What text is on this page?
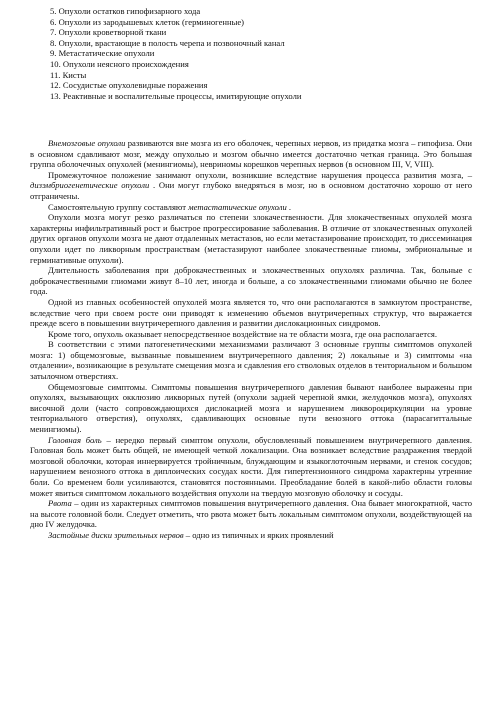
5. Опухоли остатков гипофизарного хода
6. Опухоли из зародышевых клеток (герминогенные)
7. Опухоли кроветворной ткани
8. Опухоли, врастающие в полость черепа и позвоночный канал
9. Метастатические опухоли
10. Опухоли неясного происхождения
11. Кисты
12. Сосудистые опухолевидные поражения
13. Реактивные и воспалительные процессы, имитирующие опухоли

Внемозговые опухоли развиваются вне мозга из его оболочек, черепных нервов, из придатка мозга – гипофиза. Они в основном сдавливают мозг, между опухолью и мозгом обычно имеется достаточно четкая граница. Это большая группа оболочечных опухолей (менингиомы), невриномы корешков черепных нервов (в основном III, V, VIII).

Промежуточное положение занимают опухоли, возникшие вследствие нарушения процесса развития мозга, – дизэмбриогенетические опухоли . Они могут глубоко внедряться в мозг, но в основном достаточно хорошо от него отграничены.

Самостоятельную группу составляют метастатические опухоли .

Опухоли мозга могут резко различаться по степени злокачественности. Для злокачественных опухолей мозга характерны инфильтративный рост и быстрое прогрессирование заболевания. В отличие от злокачественных опухолей других органов опухоли мозга не дают отдаленных метастазов, но если метастазирование происходит, то диссеминация опухоли идет по ликворным пространствам (метастазируют наиболее злокачественные глиомы, эмбриональные и герминативные опухоли).

Длительность заболевания при доброкачественных и злокачественных опухолях различна. Так, больные с доброкачественными глиомами живут 8–10 лет, иногда и больше, а со злокачественными глиомами обычно не более года.

Одной из главных особенностей опухолей мозга является то, что они располагаются в замкнутом пространстве, вследствие чего при своем росте они приводят к изменению объемов внутричерепных структур, что выражается прежде всего в повышении внутричерепного давления и развитии дислокационных синдромов.

Кроме того, опухоль оказывает непосредственное воздействие на те области мозга, где она располагается.

В соответствии с этими патогенетическими механизмами различают 3 основные группы симптомов опухолей мозга: 1) общемозговые, вызванные повышением внутричерепного давления; 2) локальные и 3) симптомы «на отдалении», возникающие в результате смещения мозга и сдавления его стволовых отделов в тенториальном и большом затылочном отверстиях.

Общемозговые симптомы. Симптомы повышения внутричерепного давления бывают наиболее выражены при опухолях, вызывающих окклюзию ликворных путей (опухоли задней черепной ямки, желудочков мозга), опухолях височной доли (часто сопровождающихся дислокацией мозга и нарушением ликвороциркуляции на уровне тенториального отверстия), опухолях, сдавливающих основные пути венозного оттока (парасагиттальные менингиомы).

Головная боль – нередко первый симптом опухоли, обусловленный повышением внутричерепного давления. Головная боль может быть общей, не имеющей четкой локализации. Она возникает вследствие раздражения твердой мозговой оболочки, которая иннервируется тройничным, блуждающим и языкоглоточным нервами, и стенок сосудов; нарушением венозного оттока в диплоических сосудах кости. Для гипертензионного синдрома характерны утренние боли. Со временем боли усиливаются, становятся постоянными. Преобладание болей в какой-либо области головы может явиться симптомом локального воздействия опухоли на твердую мозговую оболочку и сосуды.

Рвота – один из характерных симптомов повышения внутричерепного давления. Она бывает многократной, часто на высоте головной боли. Следует отметить, что рвота может быть локальным симптомом опухоли, воздействующей на дно IV желудочка.

Застойные диски зрительных нервов – одно из типичных и ярких проявлений
